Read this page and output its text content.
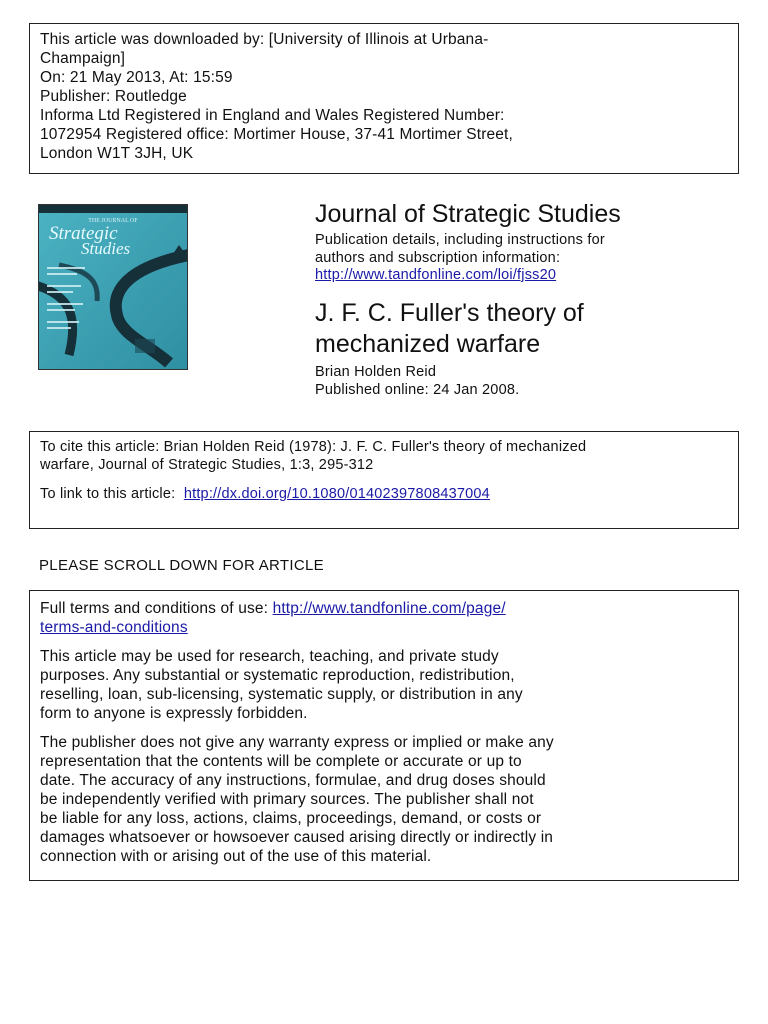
This article was downloaded by: [University of Illinois at Urbana-
Champaign]
On: 21 May 2013, At: 15:59
Publisher: Routledge
Informa Ltd Registered in England and Wales Registered Number:
1072954 Registered office: Mortimer House, 37-41 Mortimer Street,
London W1T 3JH, UK
THE JOURNAL OF
Strategic
Studies
Journal of Strategic Studies
Publication details, including instructions for
authors and subscription information:
http://www.tandfonline.com/loi/fjss20
J. F. C. Fuller's theory of
mechanized warfare
Brian Holden Reid
Published online: 24 Jan 2008.
To cite this article: Brian Holden Reid (1978): J. F. C. Fuller's theory of mechanized
warfare, Journal of Strategic Studies, 1:3, 295-312
To link to this article: http://dx.doi.org/10.1080/01402397808437004
PLEASE SCROLL DOWN FOR ARTICLE
Full terms and conditions of use: http://www.tandfonline.com/page/
terms-and-conditions
This article may be used for research, teaching, and private study
purposes. Any substantial or systematic reproduction, redistribution,
reselling, loan, sub-licensing, systematic supply, or distribution in any
form to anyone is expressly forbidden.
The publisher does not give any warranty express or implied or make any
representation that the contents will be complete or accurate or up to
date. The accuracy of any instructions, formulae, and drug doses should
be independently verified with primary sources. The publisher shall not
be liable for any loss, actions, claims, proceedings, demand, or costs or
damages whatsoever or howsoever caused arising directly or indirectly in
connection with or arising out of the use of this material.
